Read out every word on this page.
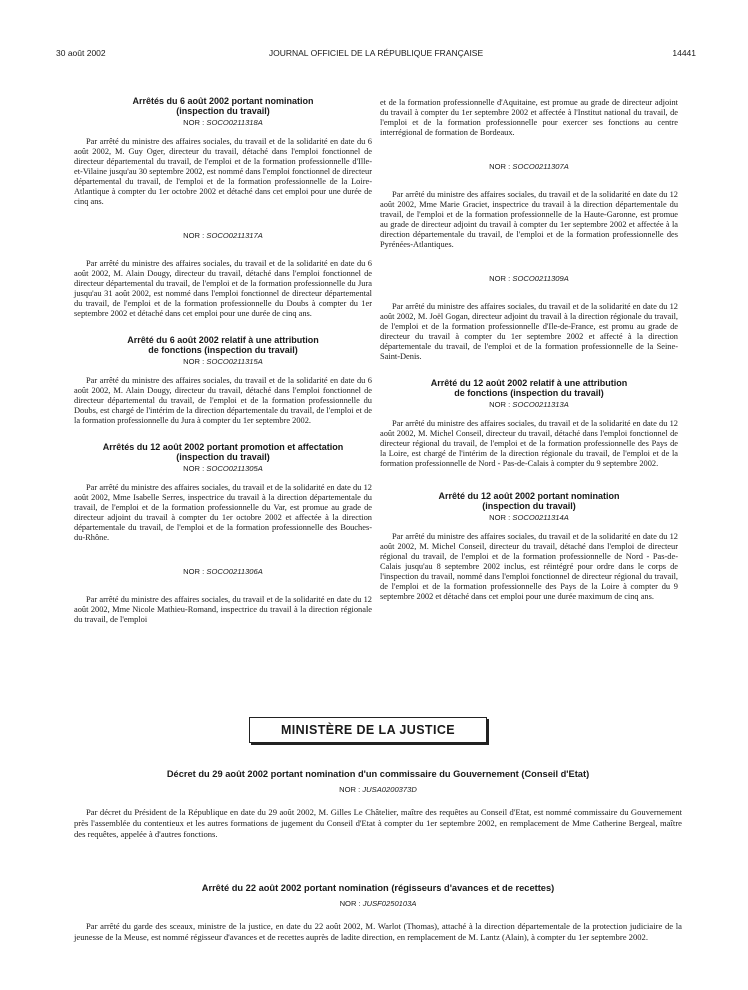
30 août 2002	JOURNAL OFFICIEL DE LA RÉPUBLIQUE FRANÇAISE	14441
Arrêtés du 6 août 2002 portant nomination
(inspection du travail)
NOR : SOCO0211318A

Par arrêté du ministre des affaires sociales, du travail et de la solidarité en date du 6 août 2002, M. Guy Oger, directeur du travail, détaché dans l'emploi fonctionnel de directeur départemental du travail, de l'emploi et de la formation professionnelle d'Ille-et-Vilaine jusqu'au 30 septembre 2002, est nommé dans l'emploi fonctionnel de directeur départemental du travail, de l'emploi et de la formation professionnelle de la Loire-Atlantique à compter du 1er octobre 2002 et détaché dans cet emploi pour une durée de cinq ans.

NOR : SOCO0211317A

Par arrêté du ministre des affaires sociales, du travail et de la solidarité en date du 6 août 2002, M. Alain Dougy, directeur du travail, détaché dans l'emploi fonctionnel de directeur départemental du travail, de l'emploi et de la formation professionnelle du Jura jusqu'au 31 août 2002, est nommé dans l'emploi fonctionnel de directeur départemental du travail, de l'emploi et de la formation professionnelle du Doubs à compter du 1er septembre 2002 et détaché dans cet emploi pour une durée de cinq ans.

Arrêté du 6 août 2002 relatif à une attribution
de fonctions (inspection du travail)
NOR : SOCO0211315A

Par arrêté du ministre des affaires sociales, du travail et de la solidarité en date du 6 août 2002, M. Alain Dougy, directeur du travail, détaché dans l'emploi fonctionnel de directeur départemental du travail, de l'emploi et de la formation professionnelle du Doubs, est chargé de l'intérim de la direction départementale du travail, de l'emploi et de la formation professionnelle du Jura à compter du 1er septembre 2002.

Arrêtés du 12 août 2002 portant promotion et affectation
(inspection du travail)
NOR : SOCO0211305A

Par arrêté du ministre des affaires sociales, du travail et de la solidarité en date du 12 août 2002, Mme Isabelle Serres, inspectrice du travail à la direction départementale du travail, de l'emploi et de la formation professionnelle du Var, est promue au grade de directeur adjoint du travail à compter du 1er octobre 2002 et affectée à la direction départementale du travail, de l'emploi et de la formation professionnelle des Bouches-du-Rhône.

NOR : SOCO0211306A

Par arrêté du ministre des affaires sociales, du travail et de la solidarité en date du 12 août 2002, Mme Nicole Mathieu-Romand, inspectrice du travail à la direction régionale du travail, de l'emploi

et de la formation professionnelle d'Aquitaine, est promue au grade de directeur adjoint du travail à compter du 1er septembre 2002 et affectée à l'Institut national du travail, de l'emploi et de la formation professionnelle pour exercer ses fonctions au centre interrégional de formation de Bordeaux.

NOR : SOCO0211307A

Par arrêté du ministre des affaires sociales, du travail et de la solidarité en date du 12 août 2002, Mme Marie Graciet, inspectrice du travail à la direction départementale du travail, de l'emploi et de la formation professionnelle de la Haute-Garonne, est promue au grade de directeur adjoint du travail à compter du 1er septembre 2002 et affectée à la direction départementale du travail, de l'emploi et de la formation professionnelle des Pyrénées-Atlantiques.

NOR : SOCO0211309A

Par arrêté du ministre des affaires sociales, du travail et de la solidarité en date du 12 août 2002, M. Joël Gogan, directeur adjoint du travail à la direction régionale du travail, de l'emploi et de la formation professionnelle d'Ile-de-France, est promu au grade de directeur du travail à compter du 1er septembre 2002 et affecté à la direction départementale du travail, de l'emploi et de la formation professionnelle de la Seine-Saint-Denis.

Arrêté du 12 août 2002 relatif à une attribution
de fonctions (inspection du travail)
NOR : SOCO0211313A

Par arrêté du ministre des affaires sociales, du travail et de la solidarité en date du 12 août 2002, M. Michel Conseil, directeur du travail, détaché dans l'emploi fonctionnel de directeur régional du travail, de l'emploi et de la formation professionnelle des Pays de la Loire, est chargé de l'intérim de la direction régionale du travail, de l'emploi et de la formation professionnelle de Nord - Pas-de-Calais à compter du 9 septembre 2002.

Arrêté du 12 août 2002 portant nomination
(inspection du travail)
NOR : SOCO0211314A

Par arrêté du ministre des affaires sociales, du travail et de la solidarité en date du 12 août 2002, M. Michel Conseil, directeur du travail, détaché dans l'emploi de directeur régional du travail, de l'emploi et de la formation professionnelle de Nord - Pas-de-Calais jusqu'au 8 septembre 2002 inclus, est réintégré pour ordre dans le corps de l'inspection du travail, nommé dans l'emploi fonctionnel de directeur régional du travail, de l'emploi et de la formation professionnelle des Pays de la Loire à compter du 9 septembre 2002 et détaché dans cet emploi pour une durée maximum de cinq ans.

MINISTÈRE DE LA JUSTICE
Décret du 29 août 2002 portant nomination d'un commissaire du Gouvernement (Conseil d'Etat)
NOR : JUSA0200373D

Par décret du Président de la République en date du 29 août 2002, M. Gilles Le Châtelier, maître des requêtes au Conseil d'Etat, est nommé commissaire du Gouvernement près l'assemblée du contentieux et les autres formations de jugement du Conseil d'Etat à compter du 1er septembre 2002, en remplacement de Mme Catherine Bergeal, maître des requêtes, appelée à d'autres fonctions.

Arrêté du 22 août 2002 portant nomination (régisseurs d'avances et de recettes)
NOR : JUSF0250103A

Par arrêté du garde des sceaux, ministre de la justice, en date du 22 août 2002, M. Warlot (Thomas), attaché à la direction départementale de la protection judiciaire de la jeunesse de la Meuse, est nommé régisseur d'avances et de recettes auprès de ladite direction, en remplacement de M. Lantz (Alain), à compter du 1er septembre 2002.
